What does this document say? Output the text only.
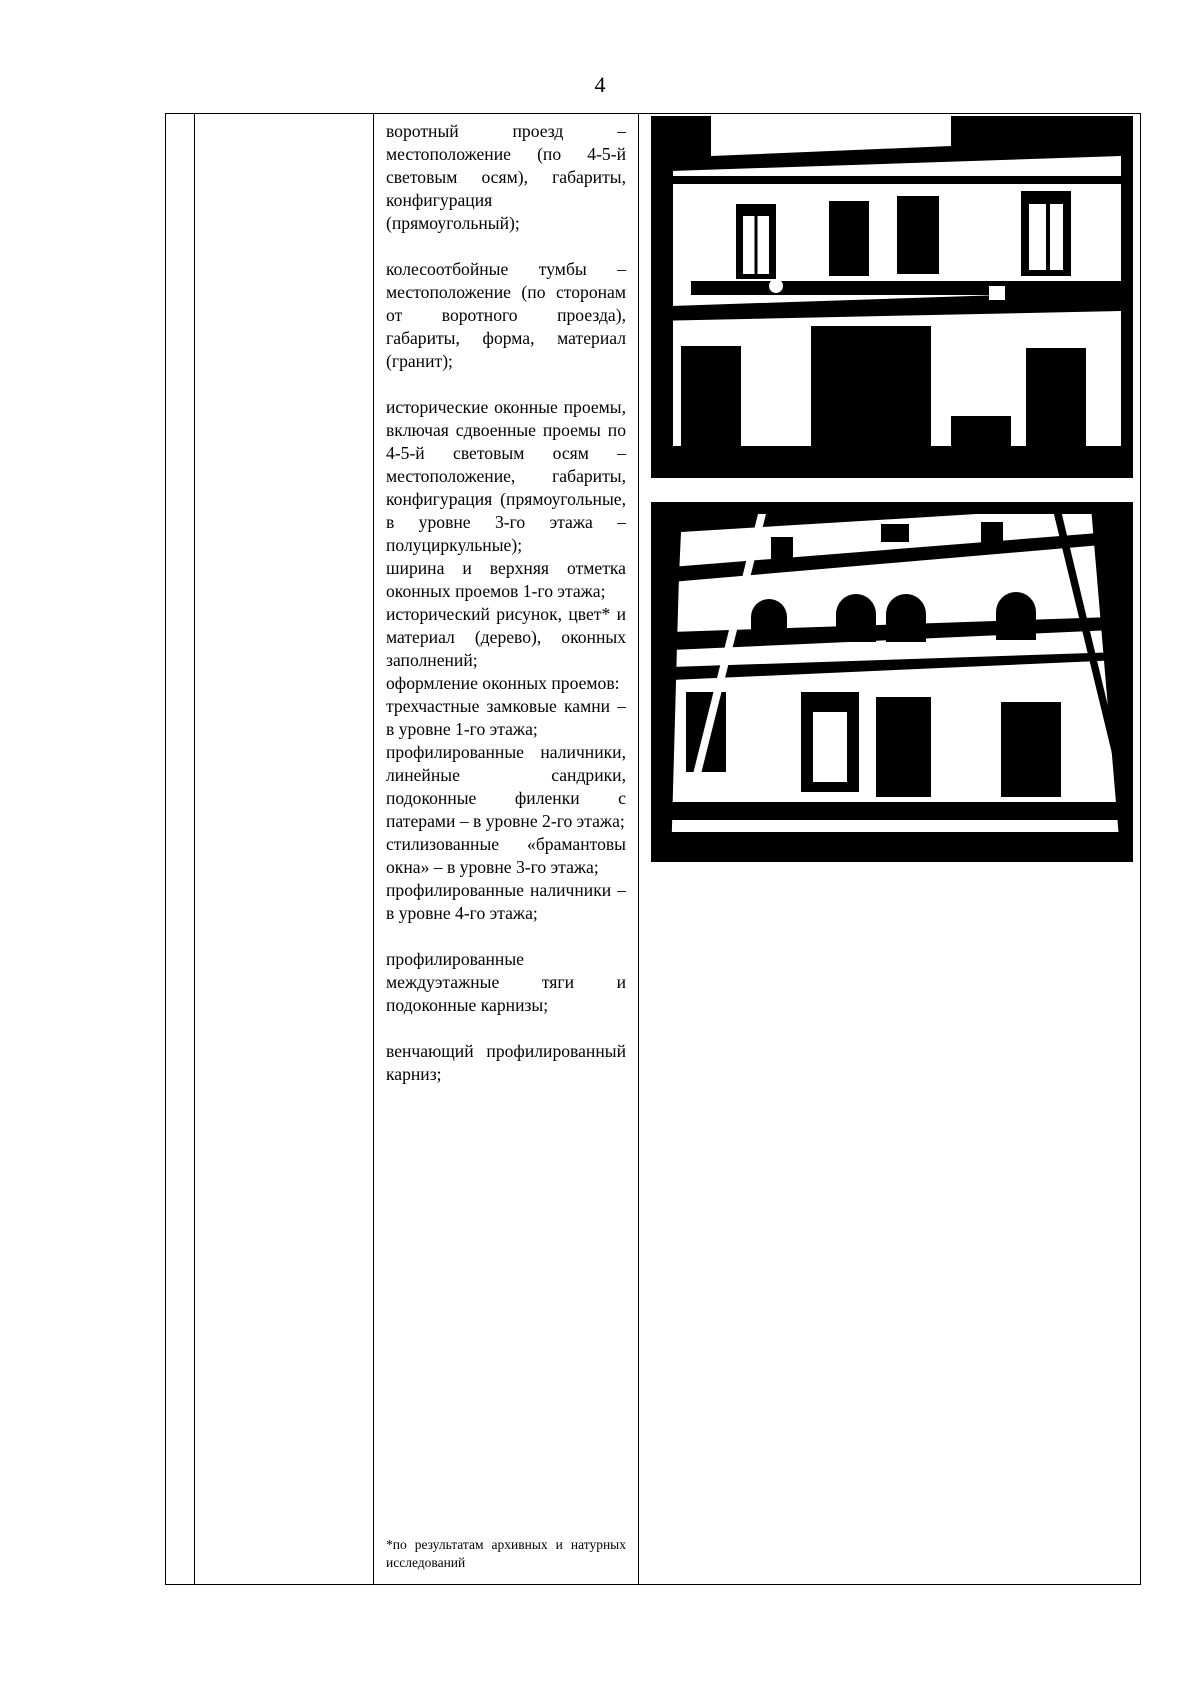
4

воротный проезд – местоположение (по 4-5-й световым осям), габариты, конфигурация (прямоугольный);

колесоотбойные тумбы – местоположение (по сторонам от воротного проезда), габариты, форма, материал (гранит);

исторические оконные проемы, включая сдвоенные проемы по 4-5-й световым осям – местоположение, габариты, конфигурация (прямоугольные, в уровне 3-го этажа – полуциркульные);

ширина и верхняя отметка оконных проемов 1-го этажа;

исторический рисунок, цвет* и материал (дерево), оконных заполнений;

оформление оконных проемов:

трехчастные замковые камни – в уровне 1-го этажа;

профилированные наличники, линейные сандрики, подоконные филенки с патерами – в уровне 2-го этажа;

стилизованные «брамантовы окна» – в уровне 3-го этажа;

профилированные наличники – в уровне 4-го этажа;

профилированные междуэтажные тяги и подоконные карнизы;

венчающий профилированный карниз;

*по результатам архивных и натурных исследований
